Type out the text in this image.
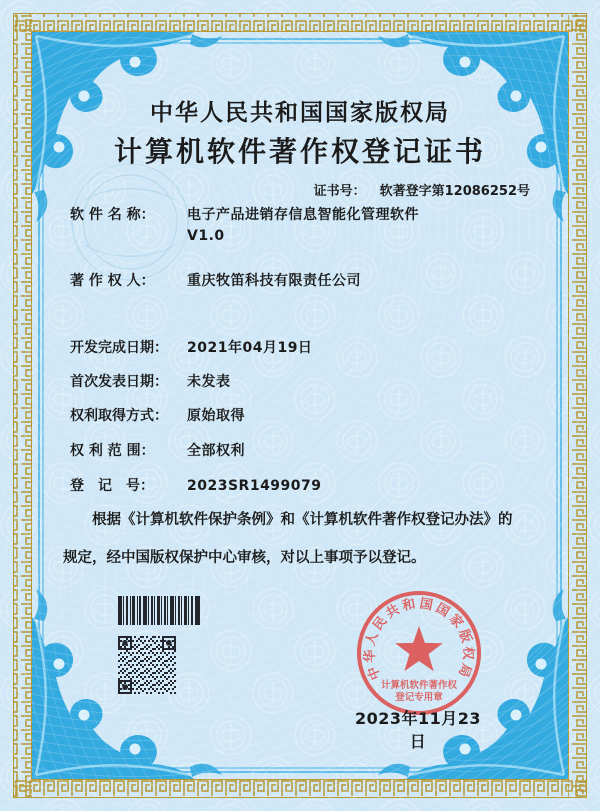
中华人民共和国国家版权局
计算机软件著作权登记证书
证书号： 软著登字第12086252号
软 件 名 称： 电子产品进销存信息智能化管理软件
V1.0
著 作 权 人： 重庆牧笛科技有限责任公司
开发完成日期： 2021年04月19日
首次发表日期： 未发表
权利取得方式： 原始取得
权 利 范 围： 全部权利
登　记　号： 2023SR1499079
根据《计算机软件保护条例》和《计算机软件著作权登记办法》的
规定，经中国版权保护中心审核，对以上事项予以登记。
中华人民共和国国家版权局
计算机软件著作权
登记专用章
2023年11月23日
